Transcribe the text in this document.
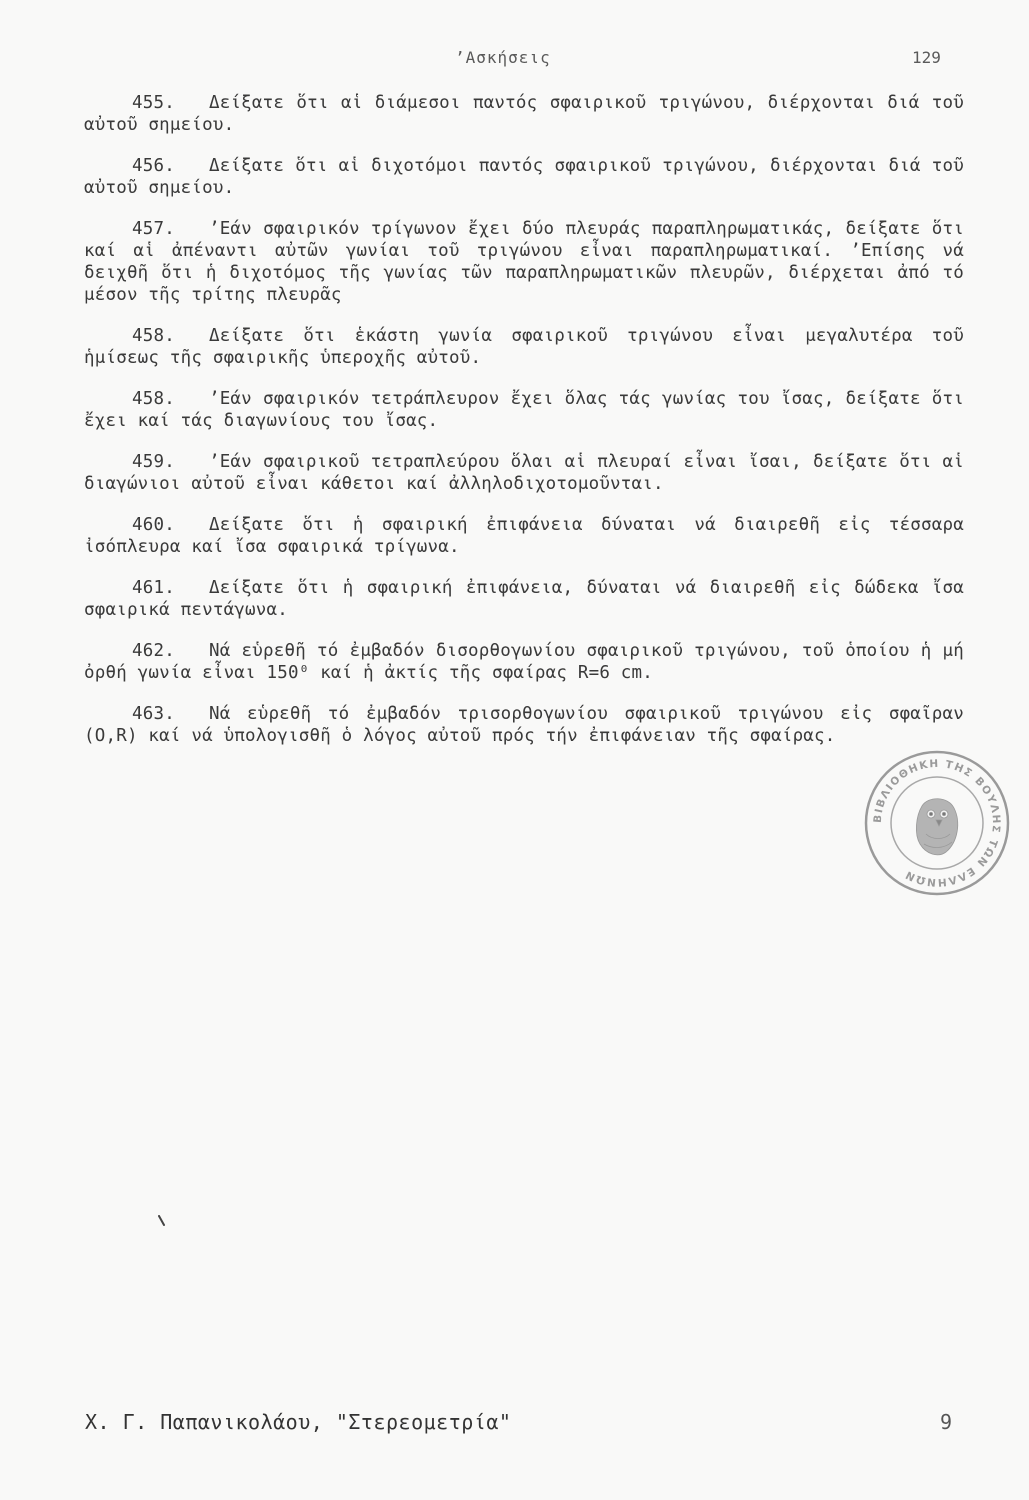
’Ασκήσεις	129

455. Δείξατε ὅτι αἱ διάμεσοι παντός σφαιρικοῦ τριγώνου, διέρχονται διά τοῦ αὐτοῦ σημείου.

456. Δείξατε ὅτι αἱ διχοτόμοι παντός σφαιρικοῦ τριγώνου, διέρχονται διά τοῦ αὐτοῦ σημείου.

457. ’Εάν σφαιρικόν τρίγωνον ἔχει δύο πλευράς παραπληρωματικάς, δείξατε ὅτι καί αἱ ἀπέναντι αὐτῶν γωνίαι τοῦ τριγώνου εἶναι παραπληρωματικαί. ’Επίσης νά δειχθῆ ὅτι ἡ διχοτόμος τῆς γωνίας τῶν παραπληρωματικῶν πλευρῶν, διέρχεται ἀπό τό μέσον τῆς τρίτης πλευρᾶς

458. Δείξατε ὅτι ἑκάστη γωνία σφαιρικοῦ τριγώνου εἶναι μεγαλυτέρα τοῦ ἡμίσεως τῆς σφαιρικῆς ὑπεροχῆς αὐτοῦ.

458. ’Εάν σφαιρικόν τετράπλευρον ἔχει ὅλας τάς γωνίας του ἴσας, δείξατε ὅτι ἔχει καί τάς διαγωνίους του ἴσας.

459. ’Εάν σφαιρικοῦ τετραπλεύρου ὅλαι αἱ πλευραί εἶναι ἴσαι, δείξατε ὅτι αἱ διαγώνιοι αὐτοῦ εἶναι κάθετοι καί ἀλληλοδιχοτομοῦνται.

460. Δείξατε ὅτι ἡ σφαιρική ἐπιφάνεια δύναται νά διαιρεθῆ εἰς τέσσαρα ἰσόπλευρα καί ἴσα σφαιρικά τρίγωνα.

461. Δείξατε ὅτι ἡ σφαιρική ἐπιφάνεια, δύναται νά διαιρεθῆ εἰς δώδεκα ἴσα σφαιρικά πεντάγωνα.

462. Νά εὑρεθῆ τό ἐμβαδόν δισορθογωνίου σφαιρικοῦ τριγώνου, τοῦ ὁποίου ἡ μή ὀρθή γωνία εἶναι 150⁰ καί ἡ ἀκτίς τῆς σφαίρας R=6 cm.

463. Νά εὑρεθῆ τό ἐμβαδόν τρισορθογωνίου σφαιρικοῦ τριγώνου εἰς σφαῖραν (O,R) καί νά ὑπολογισθῆ ὁ λόγος αὐτοῦ πρός τήν ἐπιφάνειαν τῆς σφαίρας.

ΒΙΒΛΙΟΘΗΚΗ ΤΗΣ ΒΟΥΛΗΣ ΤΩΝ ΕΛΛΗΝΩΝ
Χ. Γ. Παπανικολάου, "Στερεομετρία"	9
